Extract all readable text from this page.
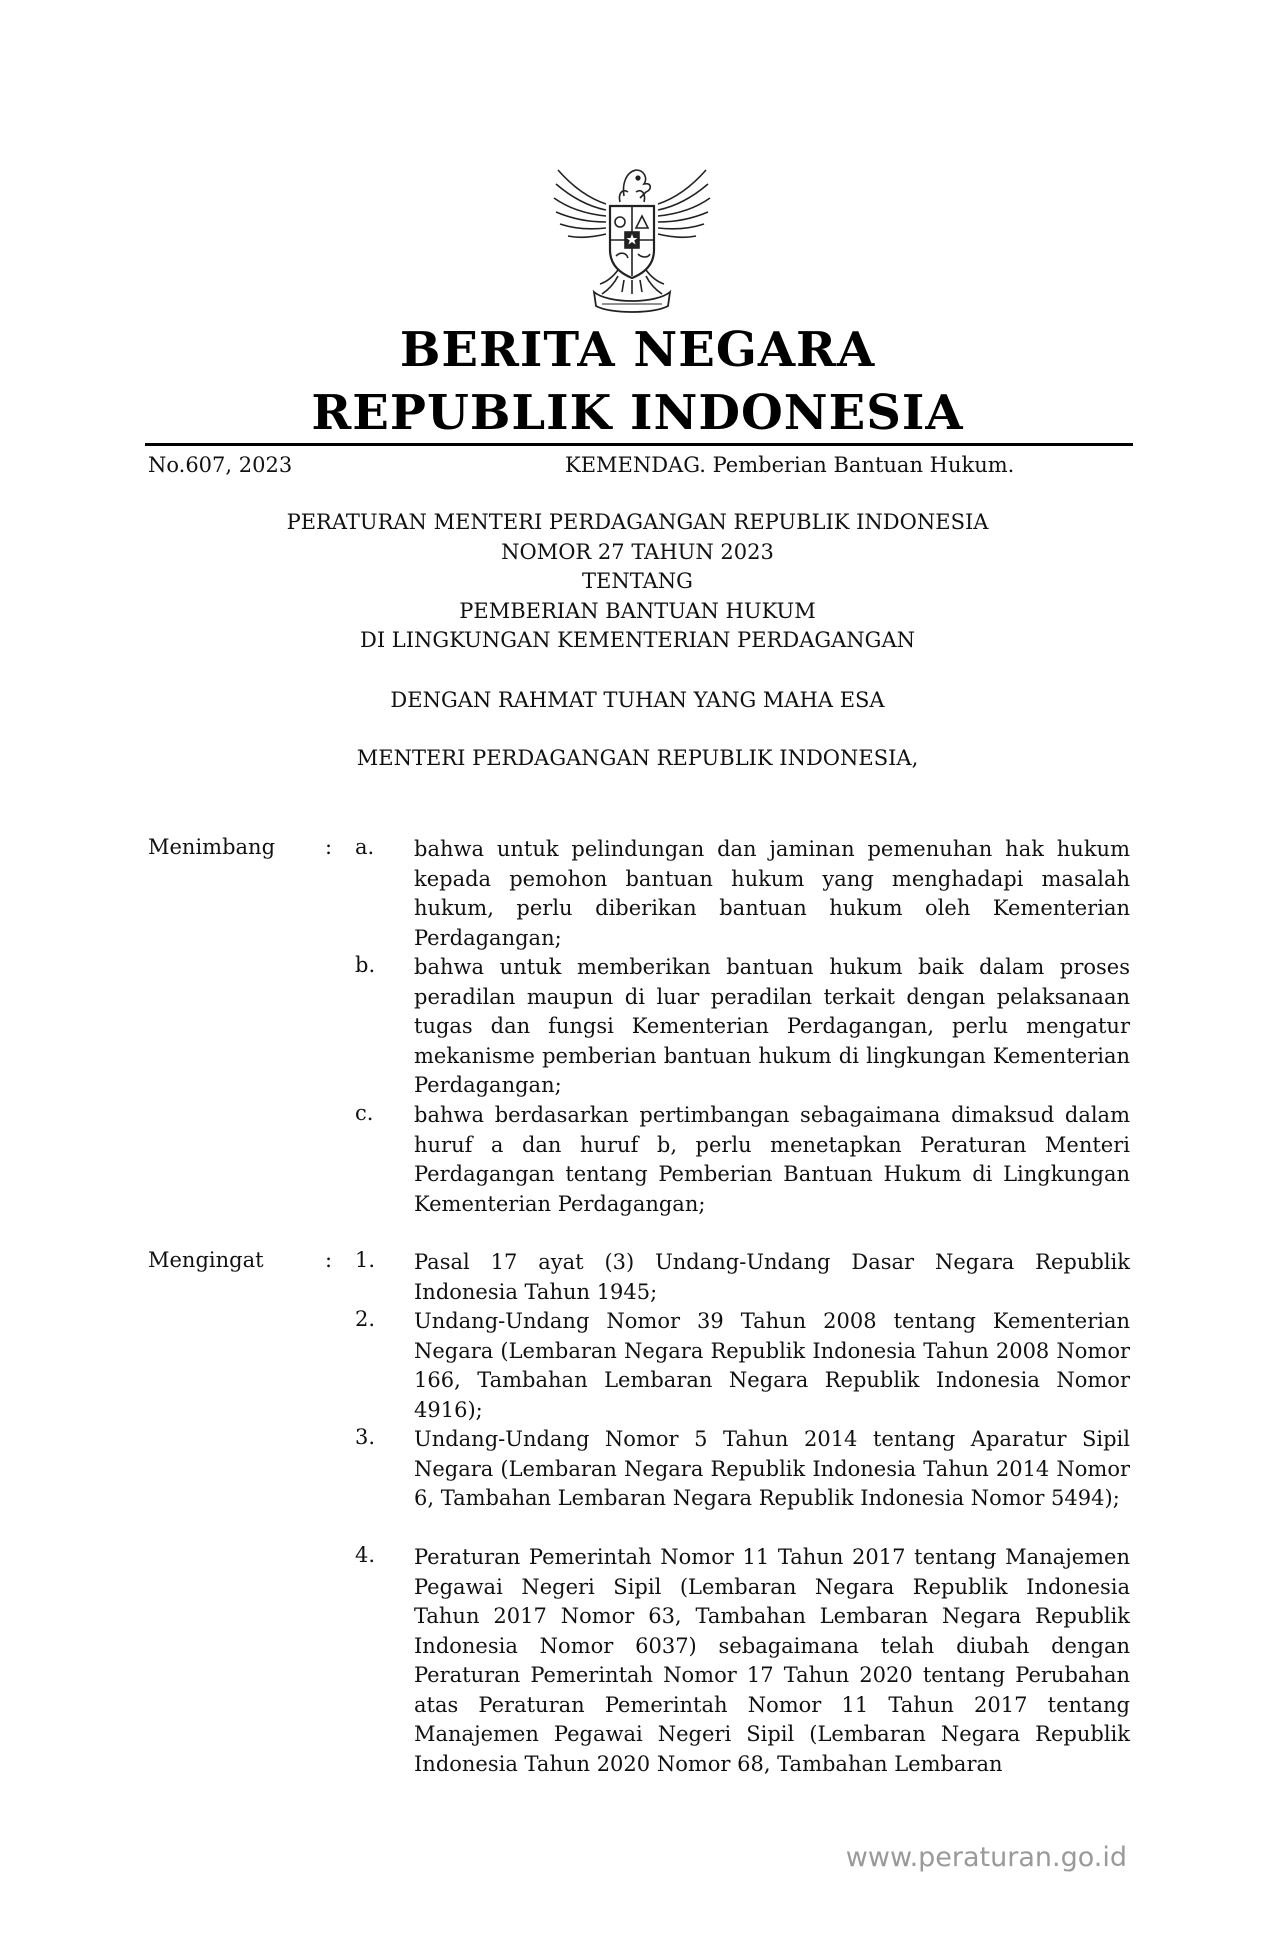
BERITA NEGARA
REPUBLIK INDONESIA
No.607, 2023	KEMENDAG. Pemberian Bantuan Hukum.
PERATURAN MENTERI PERDAGANGAN REPUBLIK INDONESIA
NOMOR 27 TAHUN 2023
TENTANG
PEMBERIAN BANTUAN HUKUM
DI LINGKUNGAN KEMENTERIAN PERDAGANGAN
DENGAN RAHMAT TUHAN YANG MAHA ESA
MENTERI PERDAGANGAN REPUBLIK INDONESIA,
Menimbang : a. bahwa untuk pelindungan dan jaminan pemenuhan hak hukum kepada pemohon bantuan hukum yang menghadapi masalah hukum, perlu diberikan bantuan hukum oleh Kementerian Perdagangan;
b. bahwa untuk memberikan bantuan hukum baik dalam proses peradilan maupun di luar peradilan terkait dengan pelaksanaan tugas dan fungsi Kementerian Perdagangan, perlu mengatur mekanisme pemberian bantuan hukum di lingkungan Kementerian Perdagangan;
c. bahwa berdasarkan pertimbangan sebagaimana dimaksud dalam huruf a dan huruf b, perlu menetapkan Peraturan Menteri Perdagangan tentang Pemberian Bantuan Hukum di Lingkungan Kementerian Perdagangan;
Mengingat	: 1. Pasal 17 ayat (3) Undang-Undang Dasar Negara Republik Indonesia Tahun 1945;
2. Undang-Undang Nomor 39 Tahun 2008 tentang Kementerian Negara (Lembaran Negara Republik Indonesia Tahun 2008 Nomor 166, Tambahan Lembaran Negara Republik Indonesia Nomor 4916);
3. Undang-Undang Nomor 5 Tahun 2014 tentang Aparatur Sipil Negara (Lembaran Negara Republik Indonesia Tahun 2014 Nomor 6, Tambahan Lembaran Negara Republik Indonesia Nomor 5494);
4. Peraturan Pemerintah Nomor 11 Tahun 2017 tentang Manajemen Pegawai Negeri Sipil (Lembaran Negara Republik Indonesia Tahun 2017 Nomor 63, Tambahan Lembaran Negara Republik Indonesia Nomor 6037) sebagaimana telah diubah dengan Peraturan Pemerintah Nomor 17 Tahun 2020 tentang Perubahan atas Peraturan Pemerintah Nomor 11 Tahun 2017 tentang Manajemen Pegawai Negeri Sipil (Lembaran Negara Republik Indonesia Tahun 2020 Nomor 68, Tambahan Lembaran
www.peraturan.go.id
